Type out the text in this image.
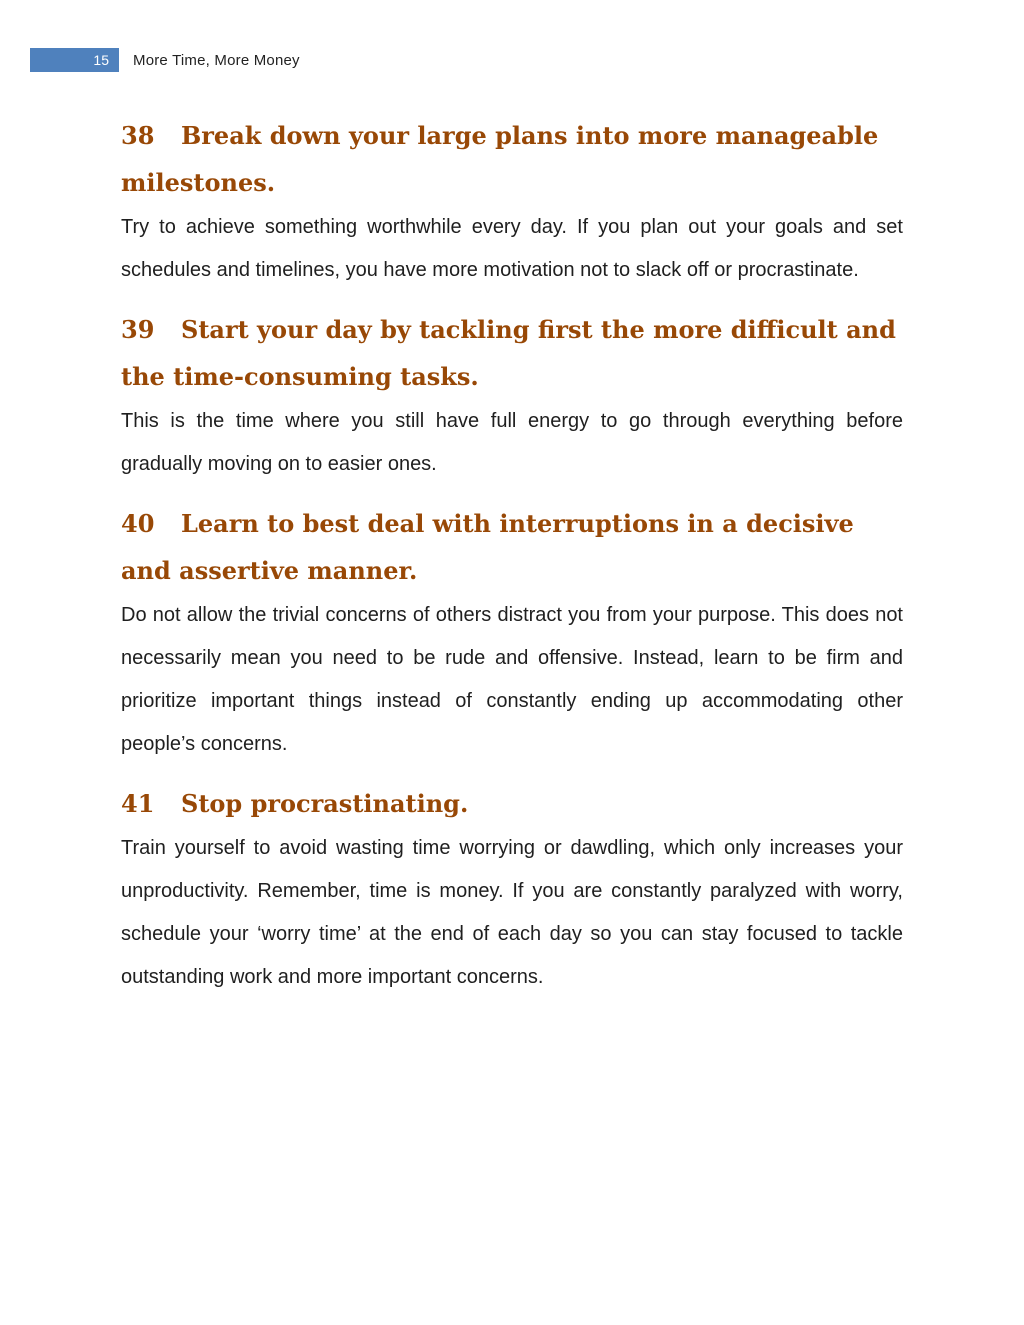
15	More Time, More Money
38 Break down your large plans into more manageable milestones.

Try to achieve something worthwhile every day. If you plan out your goals and set schedules and timelines, you have more motivation not to slack off or procrastinate.

39 Start your day by tackling first the more difficult and the time-consuming tasks.

This is the time where you still have full energy to go through everything before gradually moving on to easier ones.

40 Learn to best deal with interruptions in a decisive and assertive manner.

Do not allow the trivial concerns of others distract you from your purpose. This does not necessarily mean you need to be rude and offensive. Instead, learn to be firm and prioritize important things instead of constantly ending up accommodating other people’s concerns.

41 Stop procrastinating.

Train yourself to avoid wasting time worrying or dawdling, which only increases your unproductivity. Remember, time is money. If you are constantly paralyzed with worry, schedule your ‘worry time’ at the end of each day so you can stay focused to tackle outstanding work and more important concerns.
